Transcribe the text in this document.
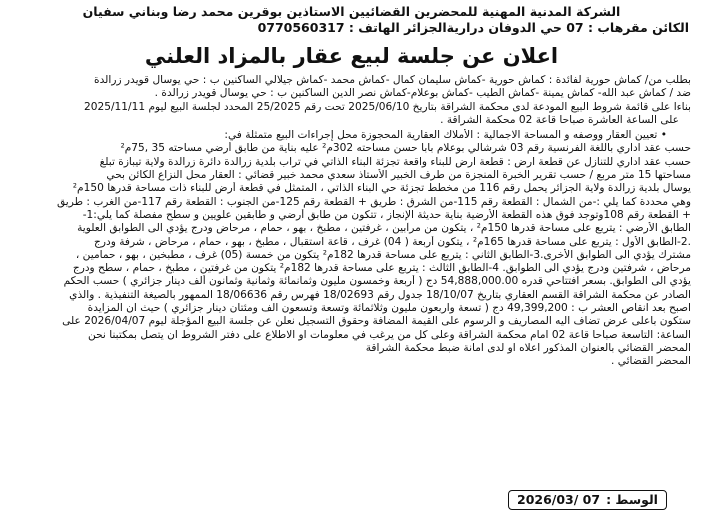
الشركة المدنية المهنية للمحضرين القضائيين الاستاذين بوقرين محمد رضا وبناني سفيان
الكائن مقرهاب : 07 حي الدوفان دراريةالجزائر الهاتف : 0770560317
اعلان عن جلسة لبيع عقار بالمزاد العلني

بطلب من/ كماش حورية لفائدة : كماش حورية -كماش سليمان كمال -كماش محمد -كماش جيلالي الساكنين ب : حي يوسال قويدر زرالدة
ضد / كماش عبد الله- كماش يمينة -كماش الطيب -كماش بوعلام-كماش نصر الدين الساكنين ب : حي يوسال قويدر زرالدة .
بناءا على قائمة شروط البيع المودعة لدى محكمة الشراقة بتاريخ 2025/06/10 تحت رقم 25/2025 المحدد لجلسة البيع ليوم 2025/11/11
على الساعة العاشرة صباحا قاعة 02 محكمة الشراقة .

• تعيين العقار ووصفه و المساحة الاجمالية : الأملاك العقارية المحجوزة محل إجراءات البيع متمثلة في:

حسب عقد اداري باللغة الفرنسية رقم 03 شرشالي بوعلام بابا حسن مساحته 302م² عليه بناية من طابق أرضي مساحته 35 ,75م²
حسب عقد اداري للتنازل عن قطعة ارض : قطعة ارض للبناء واقعة تجزئة البناء الذاتي في تراب بلدية زرالدة دائرة زرالدة ولاية تيبازة تبلغ
مساحتها 15 متر مربع / حسب تقرير الخبرة المنجزة من طرف الخبير الأستاذ سعدي محمد خبير قضائي : العقار محل النزاع الكائن بحي
يوسال بلدية زرالدة ولاية الجزائر يحمل رقم 116 من مخطط تجزئة حي البناء الذاتي ، المتمثل في قطعة أرض للبناء ذات مساحة قدرها 150م²
وهي محددة كما يلي :-من الشمال : القطعة رقم 115-من الشرق : طريق + القطعة رقم 125-من الجنوب : القطعة رقم 117-من الغرب : طريق
+ القطعة رقم 108وتوجد فوق هذه القطعة الأرضية بناية حديثة الإنجاز ، تتكون من طابق أرضي و طابقين علويين و سطح مفصلة كما يلي:1-
الطابق الأرضي : يتربع على مساحة قدرها 150م² ، يتكون من مرآبين ، غرفتين ، مطبخ ، بهو ، حمام ، مرحاض ودرج يؤدي الى الطوابق العلوية
.2-الطابق الأول : يتربع على مساحة قدرها 165م² ، يتكون أربعة ( 04) غرف ، قاعة استقبال ، مطبخ ، بهو ، حمام ، مرحاض ، شرفة ودرج
مشترك يؤدي الى الطوابق الأخرى.3-الطابق الثاني : يتربع على مساحة قدرها 182م² يتكون من خمسة (05) غرف ، مطبخين ، بهو ، حمامين ،
مرحاض ، شرفتين ودرج يؤدي الى الطوابق. 4-الطابق الثالث : يتربع على مساحة قدرها 182م² يتكون من غرفتين ، مطبخ ، حمام ، سطح ودرج
يؤدي الى الطوابق. بسعر افتتاحي قدره 54,888,000.00 دج ( أربعة وخمسون مليون وثمانمائة وثمانية وثمانون ألف دينار جزائري ) حسب الحكم
الصادر عن محكمة الشراقة القسم العقاري بتاريخ 18/10/07 جدول رقم 18/02693 فهرس رقم 18/06636 الممهور بالصيغة التنفيذية . والذي
اصبح بعد انقاص العشر ب : 49,399,200 دج ( تسعة واربعون مليون وثلاثمائة وتسعة وتسعون الف ومئتان دينار جزائري ) حيث ان المزايدة
ستكون باعلى عرض تضاف اليه المصاريف و الرسوم على القيمة المضافة وحقوق التسجيل نعلن عن جلسة البيع المؤجلة ليوم 2026/04/07 على
الساعة: التاسعة صباحا قاعة 02 امام محكمة الشراقة وعلى كل من يرغب في معلومات او الاطلاع على دفتر الشروط ان يتصل بمكتبنا نحن
المحضر القضائي بالعنوان المذكور اعلاه او لدى امانة ضبط محكمة الشراقة

المحضر القضائي .

الوسط :
2026/03/ 07
